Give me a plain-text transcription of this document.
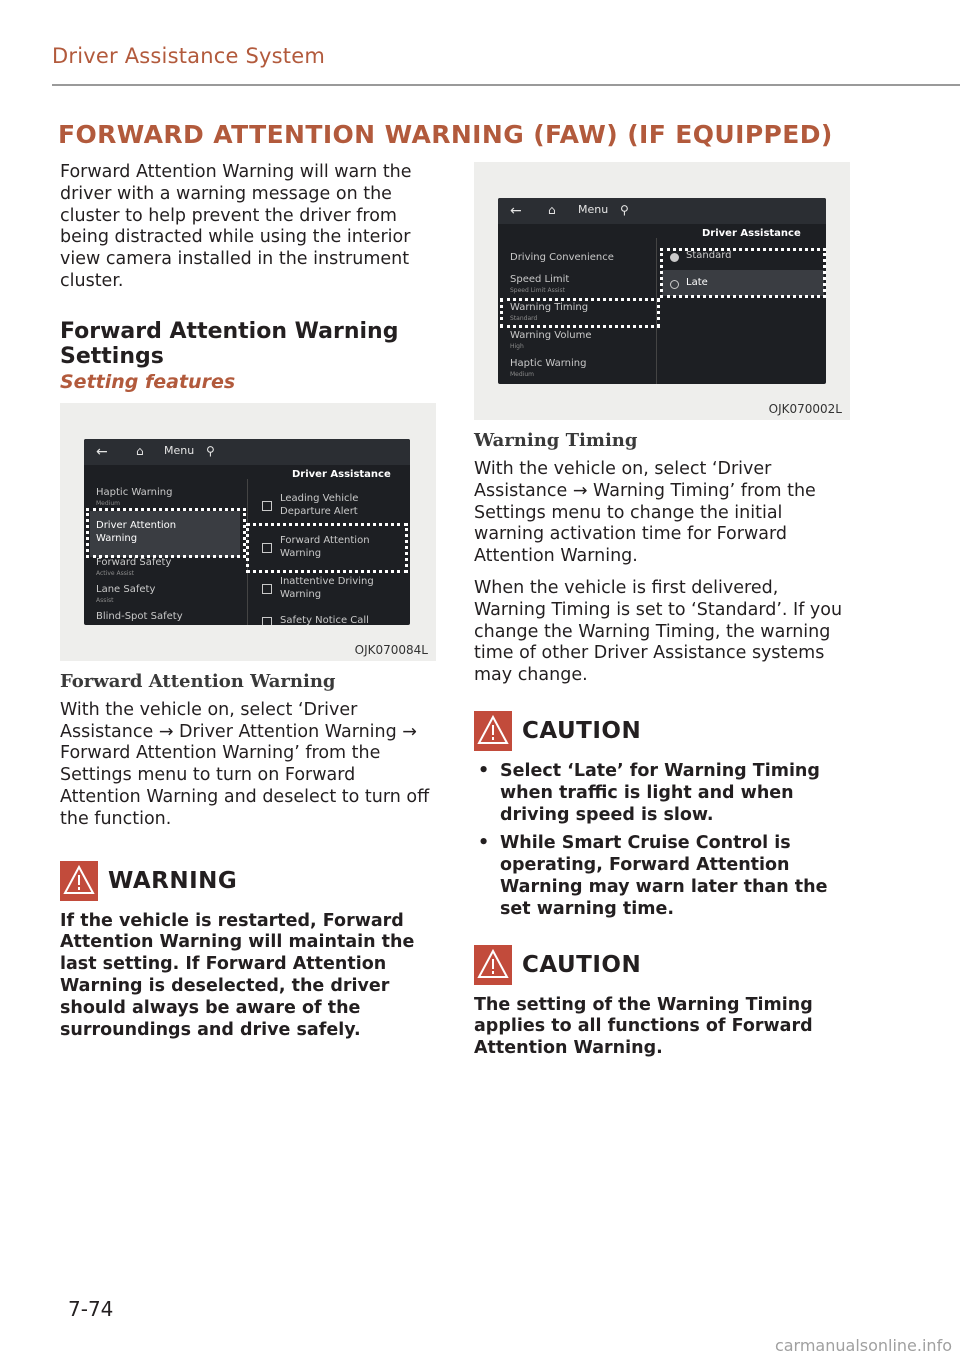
Driver Assistance System
FORWARD ATTENTION WARNING (FAW) (IF EQUIPPED)

Forward Attention Warning will warn the driver with a warning message on the cluster to help prevent the driver from being distracted while using the interior view camera installed in the instrument cluster.

Forward Attention Warning Settings
Setting features
← ⌂ Menu ⚲
Driver Assistance
Haptic Warning
Medium
Driver Attention
Warning
Forward Safety
Active Assist
Lane Safety
Assist
Blind-Spot Safety
Leading Vehicle
Departure Alert
Forward Attention
Warning
Inattentive Driving
Warning
Safety Notice Call
OJK070084L
Forward Attention Warning

With the vehicle on, select ‘Driver Assistance → Driver Attention Warning → Forward Attention Warning’ from the Settings menu to turn on Forward Attention Warning and deselect to turn off the function.

WARNING

If the vehicle is restarted, Forward Attention Warning will maintain the last setting. If Forward Attention Warning is deselected, the driver should always be aware of the surroundings and drive safely.

← ⌂ Menu ⚲
Driver Assistance
Driving Convenience
Speed Limit
Speed Limit Assist
Warning Timing
Standard
Warning Volume
High
Haptic Warning
Medium
Standard
Late
OJK070002L
Warning Timing

With the vehicle on, select ‘Driver Assistance → Warning Timing’ from the Settings menu to change the initial warning activation time for Forward Attention Warning.

When the vehicle is first delivered, Warning Timing is set to ‘Standard’. If you change the Warning Timing, the warning time of other Driver Assistance systems may change.

CAUTION
• Select ‘Late’ for Warning Timing when traffic is light and when driving speed is slow.
• While Smart Cruise Control is operating, Forward Attention Warning may warn later than the set warning time.
CAUTION

The setting of the Warning Timing applies to all functions of Forward Attention Warning.

7-74
carmanualsonline.info
